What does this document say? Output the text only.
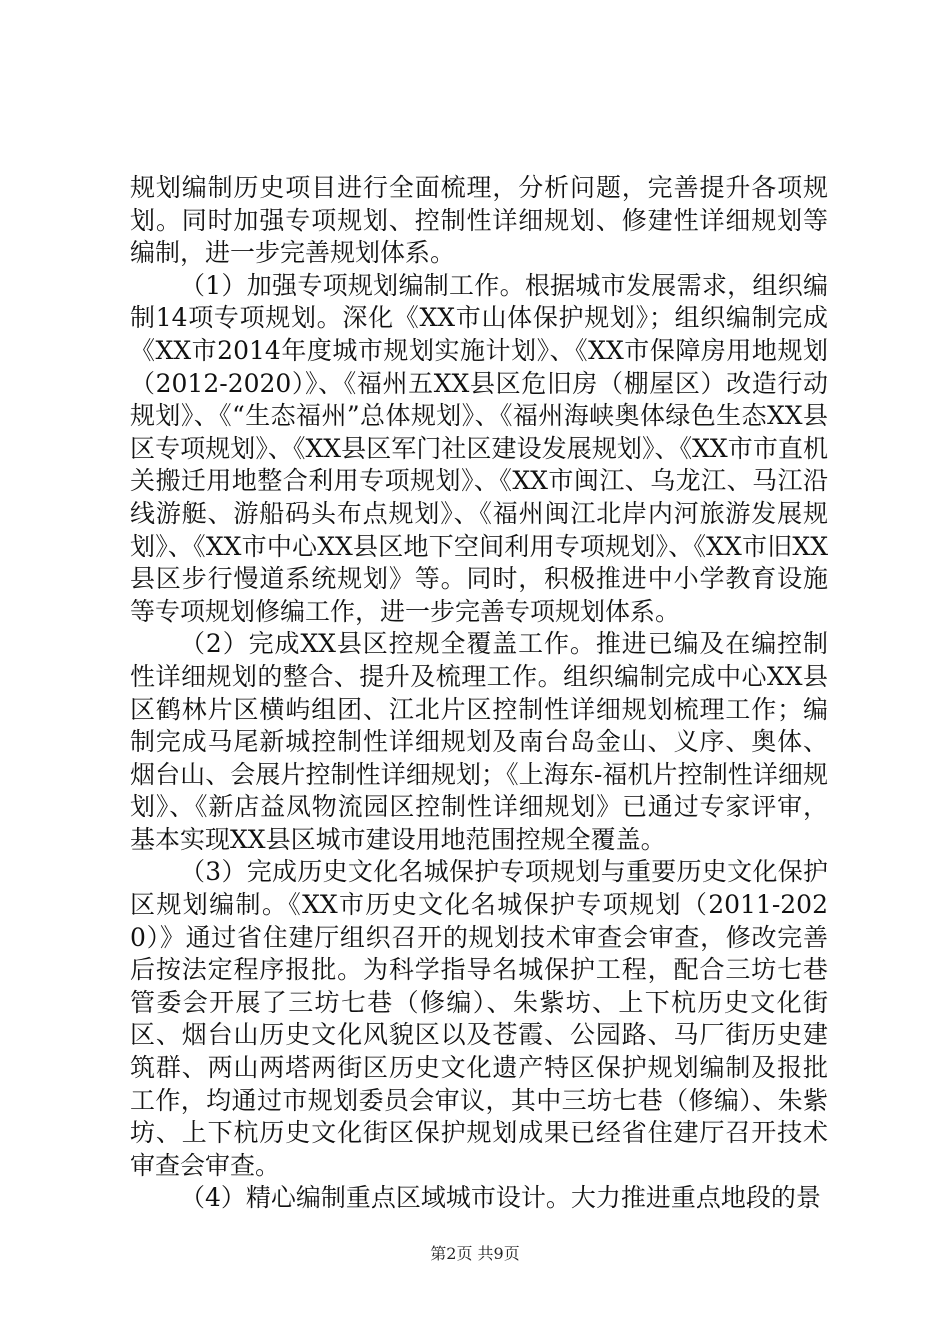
规划编制历史项目进行全面梳理，分析问题，完善提升各项规划。同时加强专项规划、控制性详细规划、修建性详细规划等编制，进一步完善规划体系。

（1）加强专项规划编制工作。根据城市发展需求，组织编制14项专项规划。深化《XX市山体保护规划》；组织编制完成《XX市2014年度城市规划实施计划》、《XX市保障房用地规划（2012-2020）》、《福州五XX县区危旧房（棚屋区）改造行动规划》、《“生态福州”总体规划》、《福州海峡奥体绿色生态XX县区专项规划》、《XX县区军门社区建设发展规划》、《XX市市直机关搬迁用地整合利用专项规划》、《XX市闽江、乌龙江、马江沿线游艇、游船码头布点规划》、《福州闽江北岸内河旅游发展规划》、《XX市中心XX县区地下空间利用专项规划》、《XX市旧XX县区步行慢道系统规划》等。同时，积极推进中小学教育设施等专项规划修编工作，进一步完善专项规划体系。

（2）完成XX县区控规全覆盖工作。推进已编及在编控制性详细规划的整合、提升及梳理工作。组织编制完成中心XX县区鹤林片区横屿组团、江北片区控制性详细规划梳理工作；编制完成马尾新城控制性详细规划及南台岛金山、义序、奥体、烟台山、会展片控制性详细规划；《上海东-福机片控制性详细规划》、《新店益凤物流园区控制性详细规划》已通过专家评审，基本实现XX县区城市建设用地范围控规全覆盖。

（3）完成历史文化名城保护专项规划与重要历史文化保护区规划编制。《XX市历史文化名城保护专项规划（2011-2020）》通过省住建厅组织召开的规划技术审查会审查，修改完善后按法定程序报批。为科学指导名城保护工程，配合三坊七巷管委会开展了三坊七巷（修编）、朱紫坊、上下杭历史文化街区、烟台山历史文化风貌区以及苍霞、公园路、马厂街历史建筑群、两山两塔两街区历史文化遗产特区保护规划编制及报批工作，均通过市规划委员会审议，其中三坊七巷（修编）、朱紫坊、上下杭历史文化街区保护规划成果已经省住建厅召开技术审查会审查。

（4）精心编制重点区域城市设计。大力推进重点地段的景

第2页 共9页
